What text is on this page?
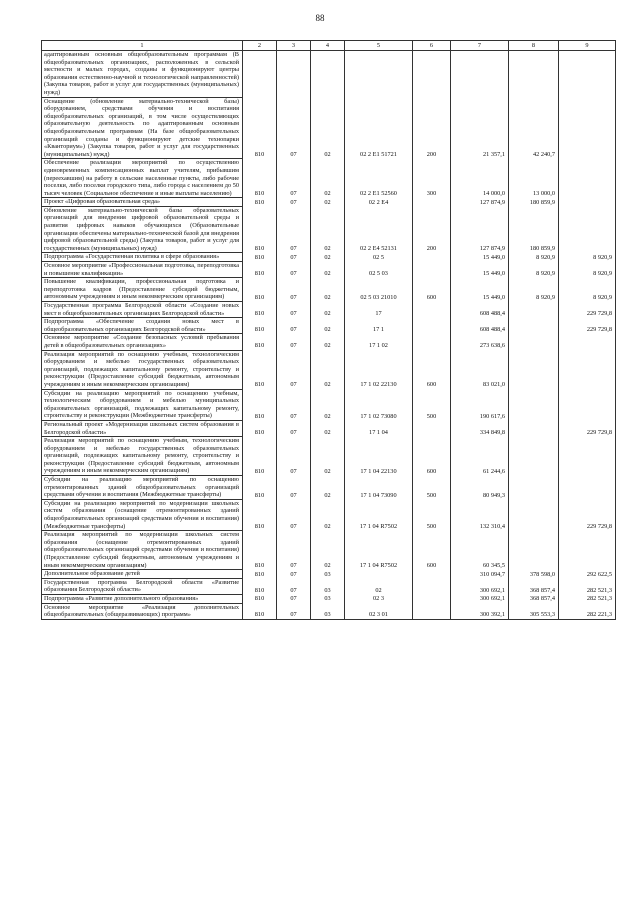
88
1	2	3	4	5	6	7	8	9
адаптированным основным общеобразовательным программам (В общеобразовательных организациях, расположенных в сельской местности и малых городах, созданы и функционируют центры образования естественно-научной и технологической направленностей) (Закупка товаров, работ и услуг для государственных (муниципальных) нужд)								
Оснащение (обновление материально-технической базы) оборудованием, средствами обучения и воспитания общеобразовательных организаций, в том числе осуществляющих образовательную деятельность по адаптированным основным общеобразовательным программам (На базе общеобразовательных организаций созданы и функционируют детские технопарки «Кванториум») (Закупка товаров, работ и услуг для государственных (муниципальных) нужд)	810	07	02	02 2 E1 51721	200	21 357,1	42 240,7	
Обеспечение реализации мероприятий по осуществлению единовременных компенсационных выплат учителям, прибывшим (переехавшим) на работу в сельские населенные пункты, либо рабочие поселки, либо поселки городского типа, либо города с населением до 50 тысяч человек (Социальное обеспечение и иные выплаты населению)	810	07	02	02 2 E1 52560	300	14 000,0	13 000,0	
Проект «Цифровая образовательная среда»	810	07	02	02 2 E4		127 874,9	180 859,9	
Обновление материально-технической базы образовательных организаций для внедрения цифровой образовательной среды и развития цифровых навыков обучающихся (Образовательные организации обеспечены материально-технической базой для внедрения цифровой образовательной среды) (Закупка товаров, работ и услуг для государственных (муниципальных) нужд)	810	07	02	02 2 E4 52131	200	127 874,9	180 859,9	
Подпрограмма «Государственная политика в сфере образования»	810	07	02	02 5		15 449,0	8 920,9	8 920,9
Основное мероприятие «Профессиональная подготовка, переподготовка и повышение квалификации»	810	07	02	02 5 03		15 449,0	8 920,9	8 920,9
Повышение квалификации, профессиональная подготовка и переподготовка кадров (Предоставление субсидий бюджетным, автономным учреждениям и иным некоммерческим организациям)	810	07	02	02 5 03 21010	600	15 449,0	8 920,9	8 920,9
Государственная программа Белгородской области «Создание новых мест в общеобразовательных организациях Белгородской области»	810	07	02	17		608 488,4		229 729,8
Подпрограмма «Обеспечение создания новых мест в общеобразовательных организациях Белгородской области»	810	07	02	17 1		608 488,4		229 729,8
Основное мероприятие «Создание безопасных условий пребывания детей в общеобразовательных организациях»	810	07	02	17 1 02		273 638,6		
Реализация мероприятий по оснащению учебным, технологическим оборудованием и мебелью государственных образовательных организаций, подлежащих капитальному ремонту, строительству и реконструкции (Предоставление субсидий бюджетным, автономным учреждениям и иным некоммерческим организациям)	810	07	02	17 1 02 22130	600	83 021,0		
Субсидии на реализацию мероприятий по оснащению учебным, технологическим оборудованием и мебелью муниципальных образовательных организаций, подлежащих капитальному ремонту, строительству и реконструкции (Межбюджетные трансферты)	810	07	02	17 1 02 73080	500	190 617,6		
Региональный проект «Модернизация школьных систем образования в Белгородской области»	810	07	02	17 1 04		334 849,8		229 729,8
Реализация мероприятий по оснащению учебным, технологическим оборудованием и мебелью государственных образовательных организаций, подлежащих капитальному ремонту, строительству и реконструкции (Предоставление субсидий бюджетным, автономным учреждениям и иным некоммерческим организациям)	810	07	02	17 1 04 22130	600	61 244,6		
Субсидии на реализацию мероприятий по оснащению отремонтированных зданий общеобразовательных организаций средствами обучения и воспитания (Межбюджетные трансферты)	810	07	02	17 1 04 73090	500	80 949,3		
Субсидии на реализацию мероприятий по модернизации школьных систем образования (оснащение отремонтированных зданий общеобразовательных организаций средствами обучения и воспитания) (Межбюджетные трансферты)	810	07	02	17 1 04 R7502	500	132 310,4		229 729,8
Реализация мероприятий по модернизации школьных систем образования (оснащение отремонтированных зданий общеобразовательных организаций средствами обучения и воспитания) (Предоставление субсидий бюджетным, автономным учреждениям и иным некоммерческим организациям)	810	07	02	17 1 04 R7502	600	60 345,5		
Дополнительное образование детей	810	07	03			310 094,7	378 598,0	292 622,5
Государственная программа Белгородской области «Развитие образования Белгородской области»	810	07	03	02		300 692,1	368 857,4	282 521,3
Подпрограмма «Развитие дополнительного образования»	810	07	03	02 3		300 692,1	368 857,4	282 521,3
Основное мероприятие «Реализация дополнительных общеобразовательных (общеразвивающих) программ»	810	07	03	02 3 01		300 392,1	305 553,3	282 221,3
